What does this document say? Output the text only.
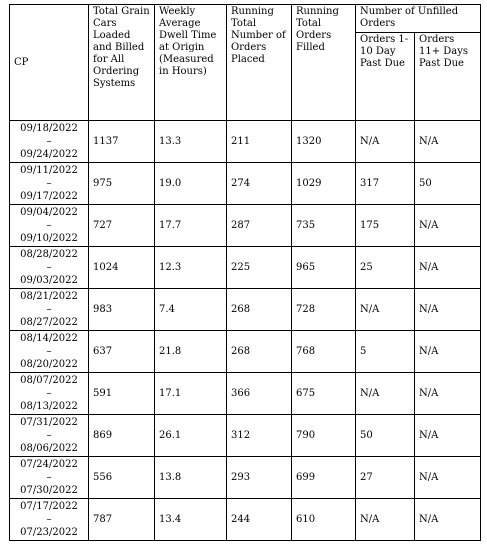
CP	Total Grain Cars Loaded and Billed for All Ordering Systems	Weekly Average Dwell Time at Origin (Measured in Hours)	Running Total Number of Orders Placed	Running Total Orders Filled	Number of Unfilled Orders	
					Orders 1-10 Day Past Due	Orders 11+ Days Past Due

09/18/2022
–
09/24/2022	1137	13.3	211	1320	N/A	N/A

09/11/2022
–
09/17/2022	975	19.0	274	1029	317	50

09/04/2022
–
09/10/2022	727	17.7	287	735	175	N/A

08/28/2022
–
09/03/2022	1024	12.3	225	965	25	N/A

08/21/2022
–
08/27/2022	983	7.4	268	728	N/A	N/A

08/14/2022
–
08/20/2022	637	21.8	268	768	5	N/A

08/07/2022
–
08/13/2022	591	17.1	366	675	N/A	N/A

07/31/2022
–
08/06/2022	869	26.1	312	790	50	N/A

07/24/2022
–
07/30/2022	556	13.8	293	699	27	N/A

07/17/2022
–
07/23/2022	787	13.4	244	610	N/A	N/A
